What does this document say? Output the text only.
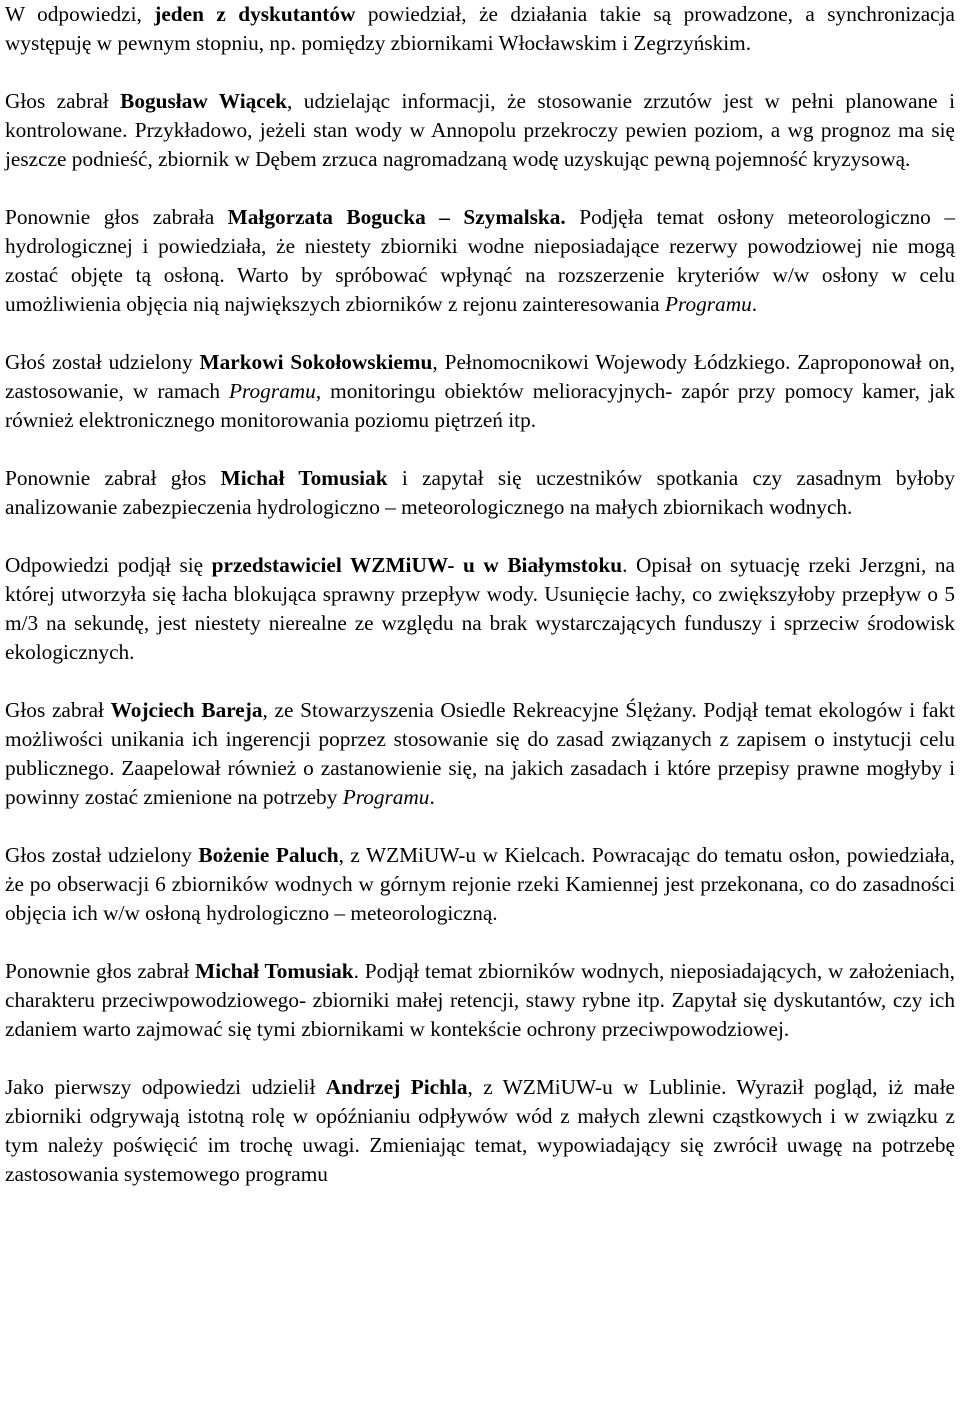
W odpowiedzi, jeden z dyskutantów powiedział, że działania takie są prowadzone, a synchronizacja występuję w pewnym stopniu, np. pomiędzy zbiornikami Włocławskim i Zegrzyńskim.

Głos zabrał Bogusław Wiącek, udzielając informacji, że stosowanie zrzutów jest w pełni planowane i kontrolowane. Przykładowo, jeżeli stan wody w Annopolu przekroczy pewien poziom, a wg prognoz ma się jeszcze podnieść, zbiornik w Dębem zrzuca nagromadzaną wodę uzyskując pewną pojemność kryzysową.

Ponownie głos zabrała Małgorzata Bogucka – Szymalska. Podjęła temat osłony meteorologiczno – hydrologicznej i powiedziała, że niestety zbiorniki wodne nieposiadające rezerwy powodziowej nie mogą zostać objęte tą osłoną. Warto by spróbować wpłynąć na rozszerzenie kryteriów w/w osłony w celu umożliwienia objęcia nią największych zbiorników z rejonu zainteresowania Programu.

Głoś został udzielony Markowi Sokołowskiemu, Pełnomocnikowi Wojewody Łódzkiego. Zaproponował on, zastosowanie, w ramach Programu, monitoringu obiektów melioracyjnych- zapór przy pomocy kamer, jak również elektronicznego monitorowania poziomu piętrzeń itp.

Ponownie zabrał głos Michał Tomusiak i zapytał się uczestników spotkania czy zasadnym byłoby analizowanie zabezpieczenia hydrologiczno – meteorologicznego na małych zbiornikach wodnych.

Odpowiedzi podjął się przedstawiciel WZMiUW- u w Białymstoku. Opisał on sytuację rzeki Jerzgni, na której utworzyła się łacha blokująca sprawny przepływ wody. Usunięcie łachy, co zwiększyłoby przepływ o 5 m/3 na sekundę, jest niestety nierealne ze względu na brak wystarczających funduszy i sprzeciw środowisk ekologicznych.

Głos zabrał Wojciech Bareja, ze Stowarzyszenia Osiedle Rekreacyjne Ślężany. Podjął temat ekologów i fakt możliwości unikania ich ingerencji poprzez stosowanie się do zasad związanych z zapisem o instytucji celu publicznego. Zaapelował również o zastanowienie się, na jakich zasadach i które przepisy prawne mogłyby i powinny zostać zmienione na potrzeby Programu.

Głos został udzielony Bożenie Paluch, z WZMiUW-u w Kielcach. Powracając do tematu osłon, powiedziała, że po obserwacji 6 zbiorników wodnych w górnym rejonie rzeki Kamiennej jest przekonana, co do zasadności objęcia ich w/w osłoną hydrologiczno – meteorologiczną.

Ponownie głos zabrał Michał Tomusiak. Podjął temat zbiorników wodnych, nieposiadających, w założeniach, charakteru przeciwpowodziowego- zbiorniki małej retencji, stawy rybne itp. Zapytał się dyskutantów, czy ich zdaniem warto zajmować się tymi zbiornikami w kontekście ochrony przeciwpowodziowej.

Jako pierwszy odpowiedzi udzielił Andrzej Pichla, z WZMiUW-u w Lublinie. Wyraził pogląd, iż małe zbiorniki odgrywają istotną rolę w opóźnianiu odpływów wód z małych zlewni cząstkowych i w związku z tym należy poświęcić im trochę uwagi. Zmieniając temat, wypowiadający się zwrócił uwagę na potrzebę zastosowania systemowego programu
